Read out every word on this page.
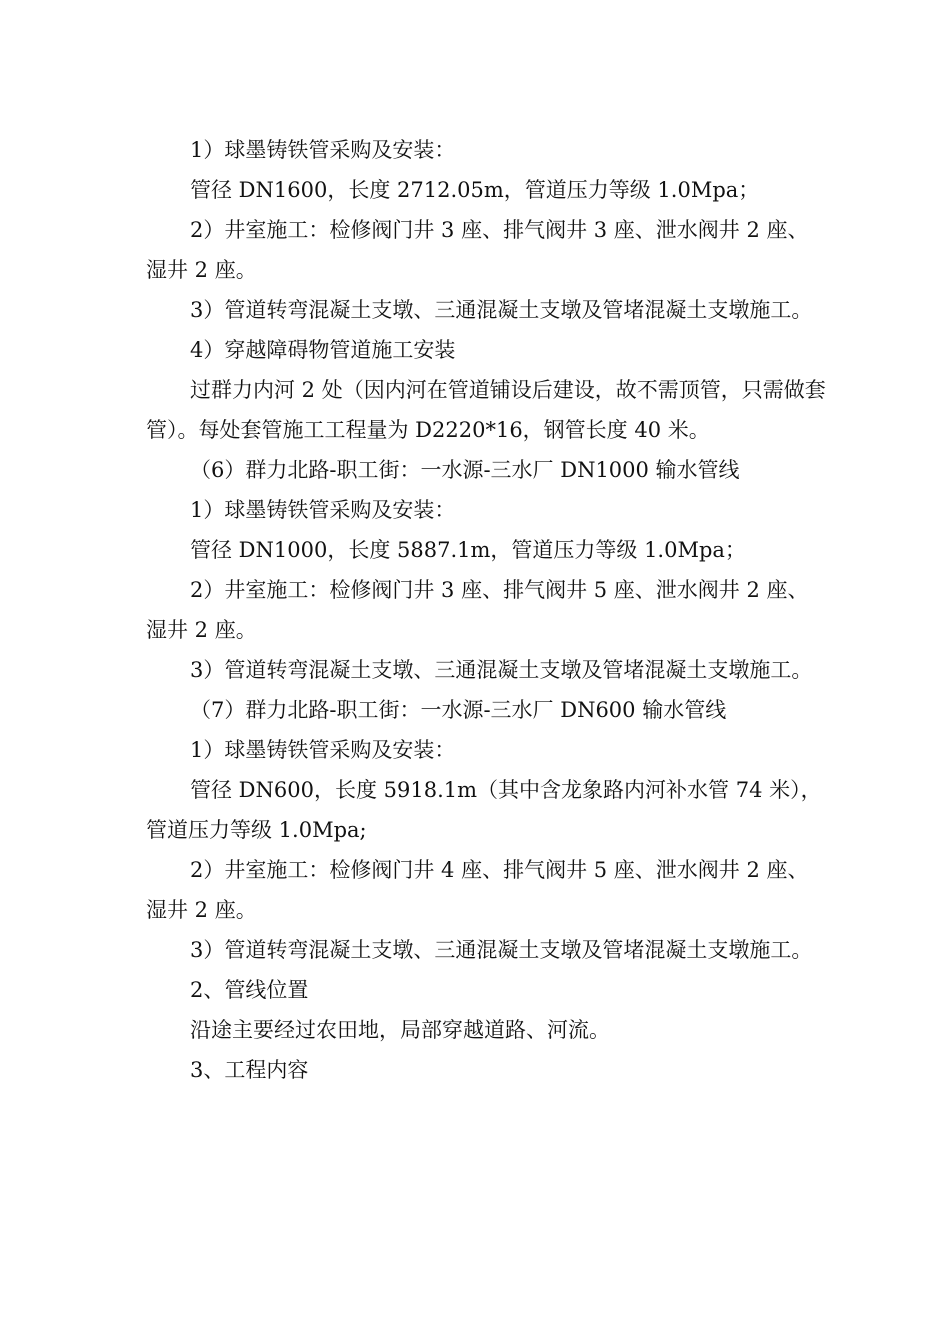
1）球墨铸铁管采购及安装：

管径 DN1600，长度 2712.05m，管道压力等级 1.0Mpa；

2）井室施工：检修阀门井 3 座、排气阀井 3 座、泄水阀井 2 座、湿井 2 座。

3）管道转弯混凝土支墩、三通混凝土支墩及管堵混凝土支墩施工。

4）穿越障碍物管道施工安装

过群力内河 2 处（因内河在管道铺设后建设，故不需顶管，只需做套管）。每处套管施工工程量为 D2220*16，钢管长度 40 米。

（6）群力北路-职工街：一水源-三水厂 DN1000 输水管线

1）球墨铸铁管采购及安装：

管径 DN1000，长度 5887.1m，管道压力等级 1.0Mpa；

2）井室施工：检修阀门井 3 座、排气阀井 5 座、泄水阀井 2 座、湿井 2 座。

3）管道转弯混凝土支墩、三通混凝土支墩及管堵混凝土支墩施工。

（7）群力北路-职工街：一水源-三水厂 DN600 输水管线

1）球墨铸铁管采购及安装：

管径 DN600，长度 5918.1m（其中含龙象路内河补水管 74 米），管道压力等级 1.0Mpa;

2）井室施工：检修阀门井 4 座、排气阀井 5 座、泄水阀井 2 座、湿井 2 座。

3）管道转弯混凝土支墩、三通混凝土支墩及管堵混凝土支墩施工。

2、管线位置

沿途主要经过农田地，局部穿越道路、河流。

3、工程内容
